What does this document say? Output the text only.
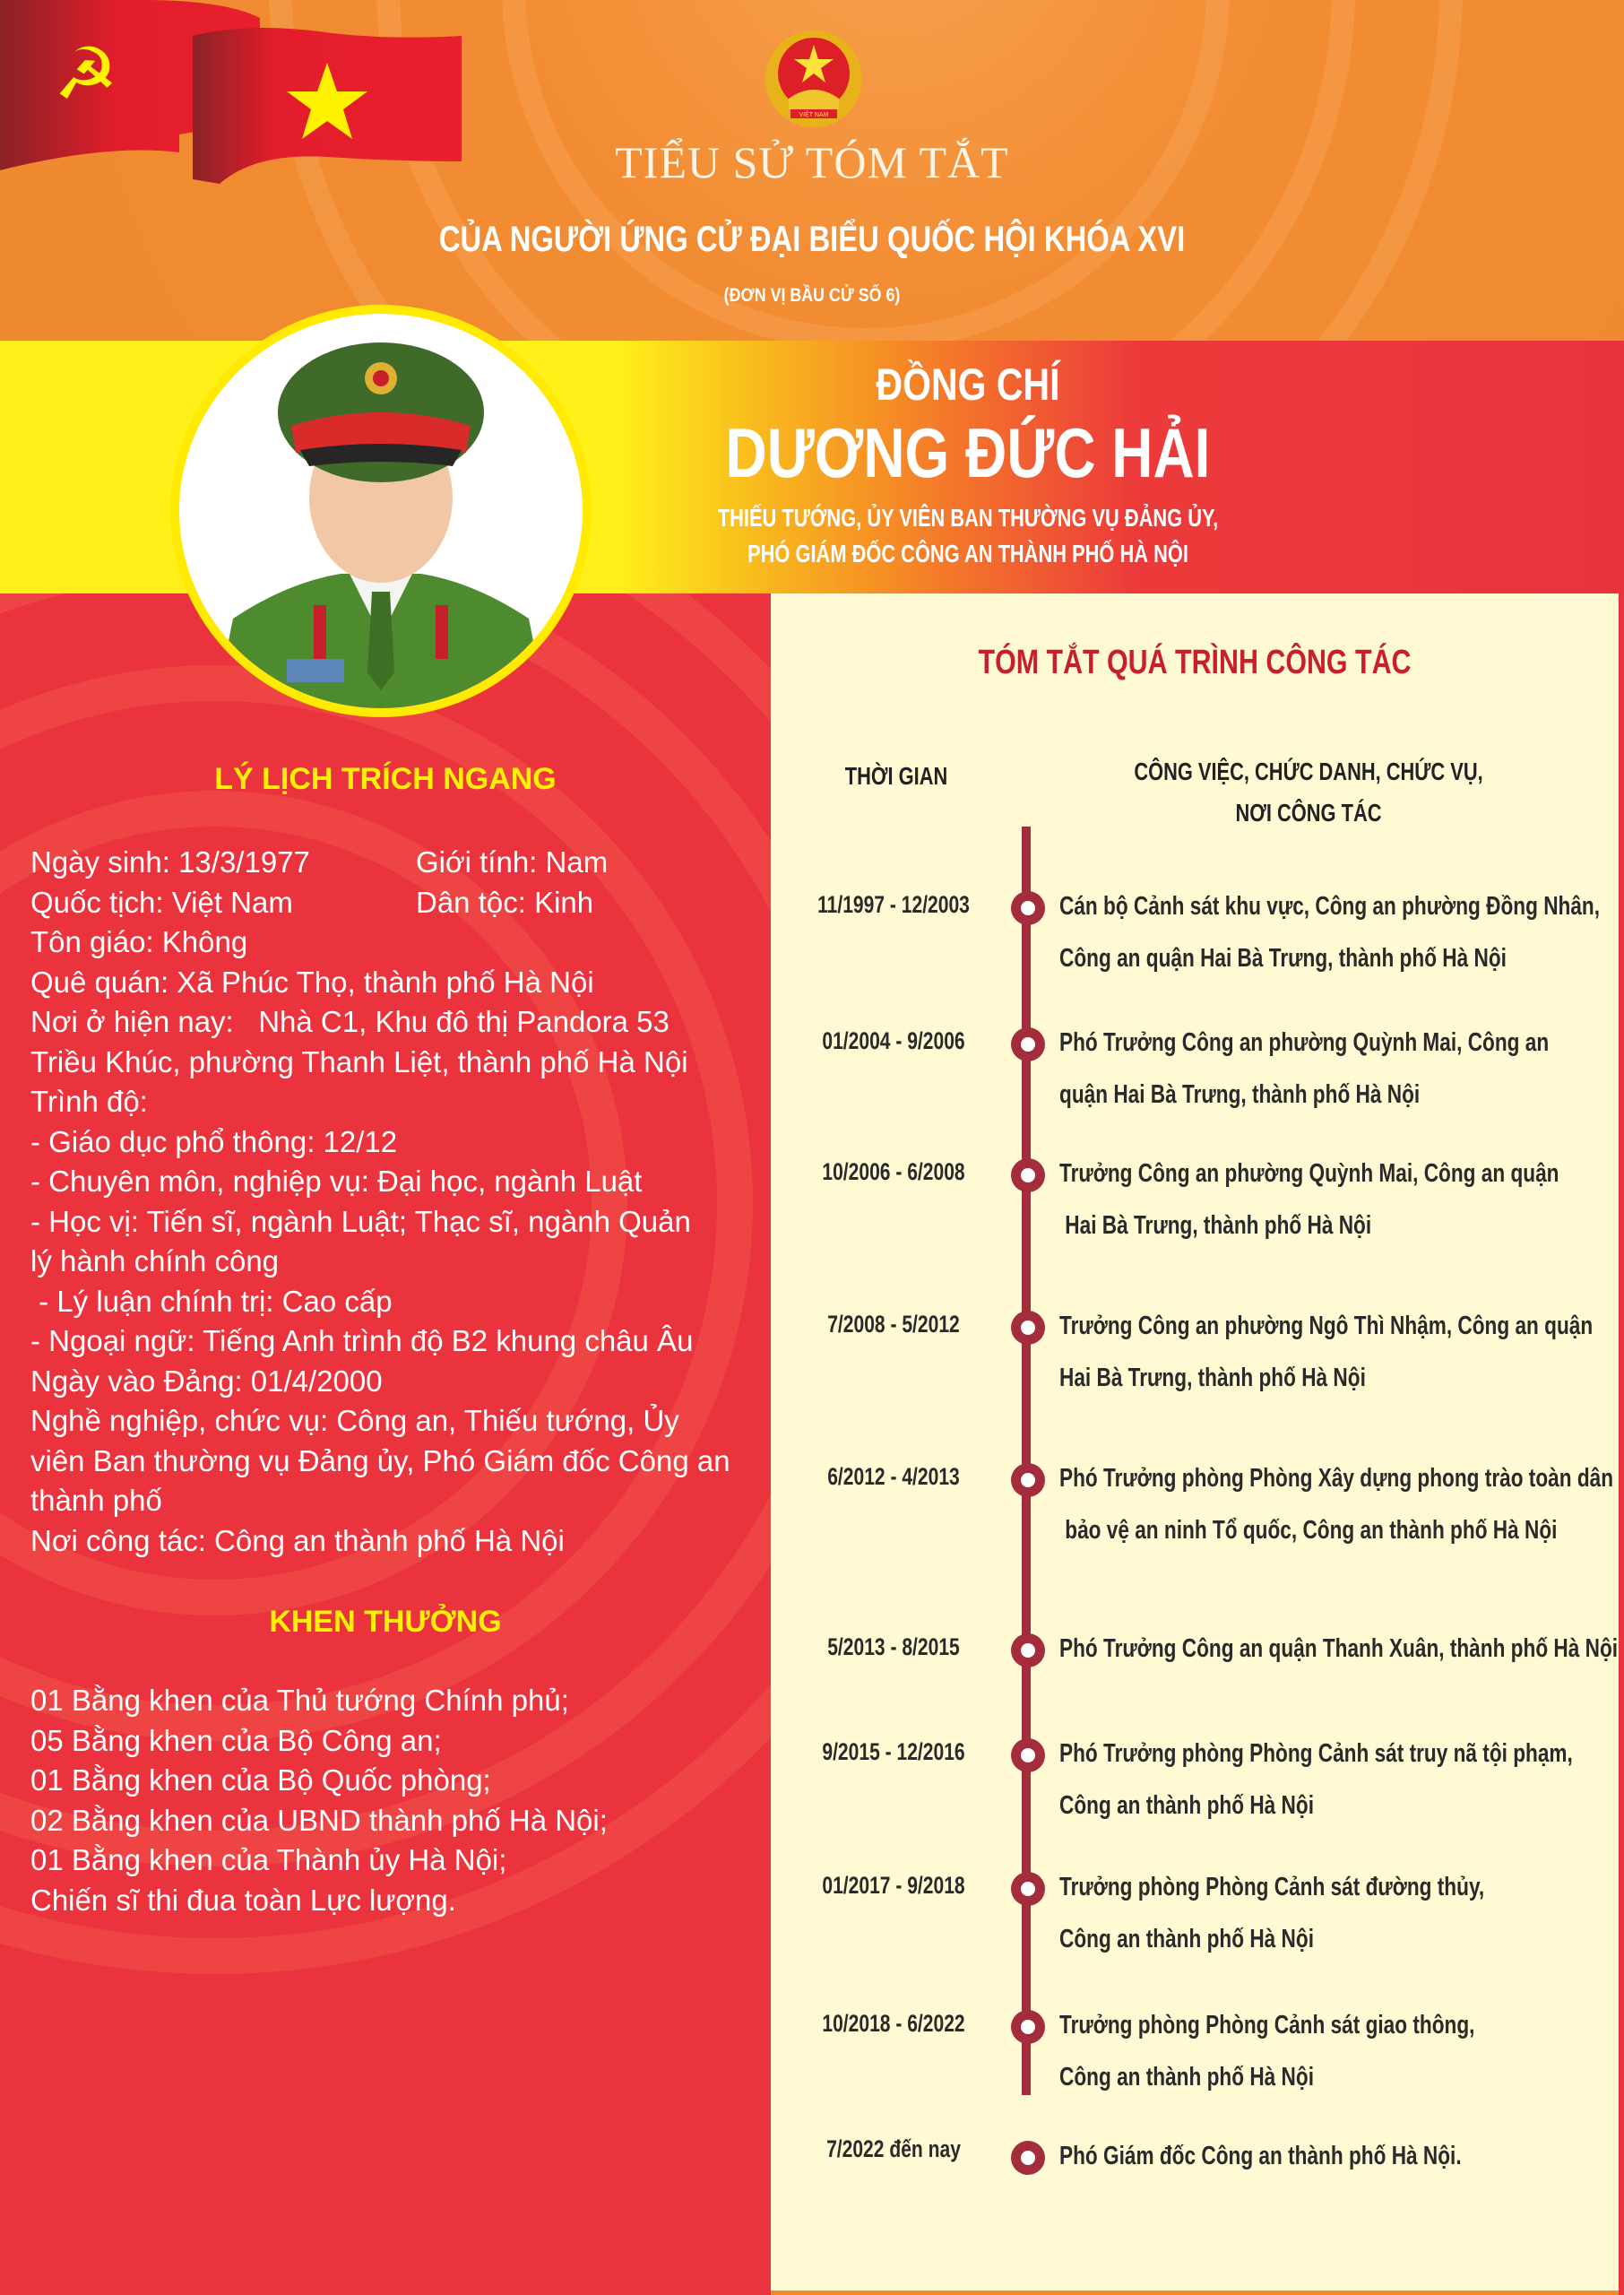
☭	VIỆT NAM
TIỂU SỬ TÓM TẮT
CỦA NGƯỜI ỨNG CỬ ĐẠI BIỂU QUỐC HỘI KHÓA XVI
(ĐƠN VỊ BẦU CỬ SỐ 6)
ĐỒNG CHÍ
DƯƠNG ĐỨC HẢI
THIẾU TƯỚNG, ỦY VIÊN BAN THƯỜNG VỤ ĐẢNG ỦY,
PHÓ GIÁM ĐỐC CÔNG AN THÀNH PHỐ HÀ NỘI
LÝ LỊCH TRÍCH NGANG
Ngày sinh: 13/3/1977	Giới tính: Nam
Quốc tịch: Việt Nam	Dân tộc: Kinh
Tôn giáo: Không
Quê quán: Xã Phúc Thọ, thành phố Hà Nội
Nơi ở hiện nay:   Nhà C1, Khu đô thị Pandora 53
Triều Khúc, phường Thanh Liệt, thành phố Hà Nội
Trình độ:
- Giáo dục phổ thông: 12/12
- Chuyên môn, nghiệp vụ: Đại học, ngành Luật
- Học vị: Tiến sĩ, ngành Luật; Thạc sĩ, ngành Quản
lý hành chính công
- Lý luận chính trị: Cao cấp
- Ngoại ngữ: Tiếng Anh trình độ B2 khung châu Âu
Ngày vào Đảng: 01/4/2000
Nghề nghiệp, chức vụ: Công an, Thiếu tướng, Ủy
viên Ban thường vụ Đảng ủy, Phó Giám đốc Công an
thành phố
Nơi công tác: Công an thành phố Hà Nội
KHEN THƯỞNG
01 Bằng khen của Thủ tướng Chính phủ;
05 Bằng khen của Bộ Công an;
01 Bằng khen của Bộ Quốc phòng;
02 Bằng khen của UBND thành phố Hà Nội;
01 Bằng khen của Thành ủy Hà Nội;
Chiến sĩ thi đua toàn Lực lượng.
TÓM TẮT QUÁ TRÌNH CÔNG TÁC
THỜI GIAN	CÔNG VIỆC, CHỨC DANH, CHỨC VỤ,
NƠI CÔNG TÁC
11/1997 - 12/2003	Cán bộ Cảnh sát khu vực, Công an phường Đồng Nhân,
Công an quận Hai Bà Trưng, thành phố Hà Nội
01/2004 - 9/2006	Phó Trưởng Công an phường Quỳnh Mai, Công an
quận Hai Bà Trưng, thành phố Hà Nội
10/2006 - 6/2008	Trưởng Công an phường Quỳnh Mai, Công an quận
Hai Bà Trưng, thành phố Hà Nội
7/2008 - 5/2012	Trưởng Công an phường Ngô Thì Nhậm, Công an quận
Hai Bà Trưng, thành phố Hà Nội
6/2012 - 4/2013	Phó Trưởng phòng Phòng Xây dựng phong trào toàn dân
bảo vệ an ninh Tổ quốc, Công an thành phố Hà Nội
5/2013 - 8/2015	Phó Trưởng Công an quận Thanh Xuân, thành phố Hà Nội
9/2015 - 12/2016	Phó Trưởng phòng Phòng Cảnh sát truy nã tội phạm,
Công an thành phố Hà Nội
01/2017 - 9/2018	Trưởng phòng Phòng Cảnh sát đường thủy,
Công an thành phố Hà Nội
10/2018 - 6/2022	Trưởng phòng Phòng Cảnh sát giao thông,
Công an thành phố Hà Nội
7/2022 đến nay	Phó Giám đốc Công an thành phố Hà Nội.
